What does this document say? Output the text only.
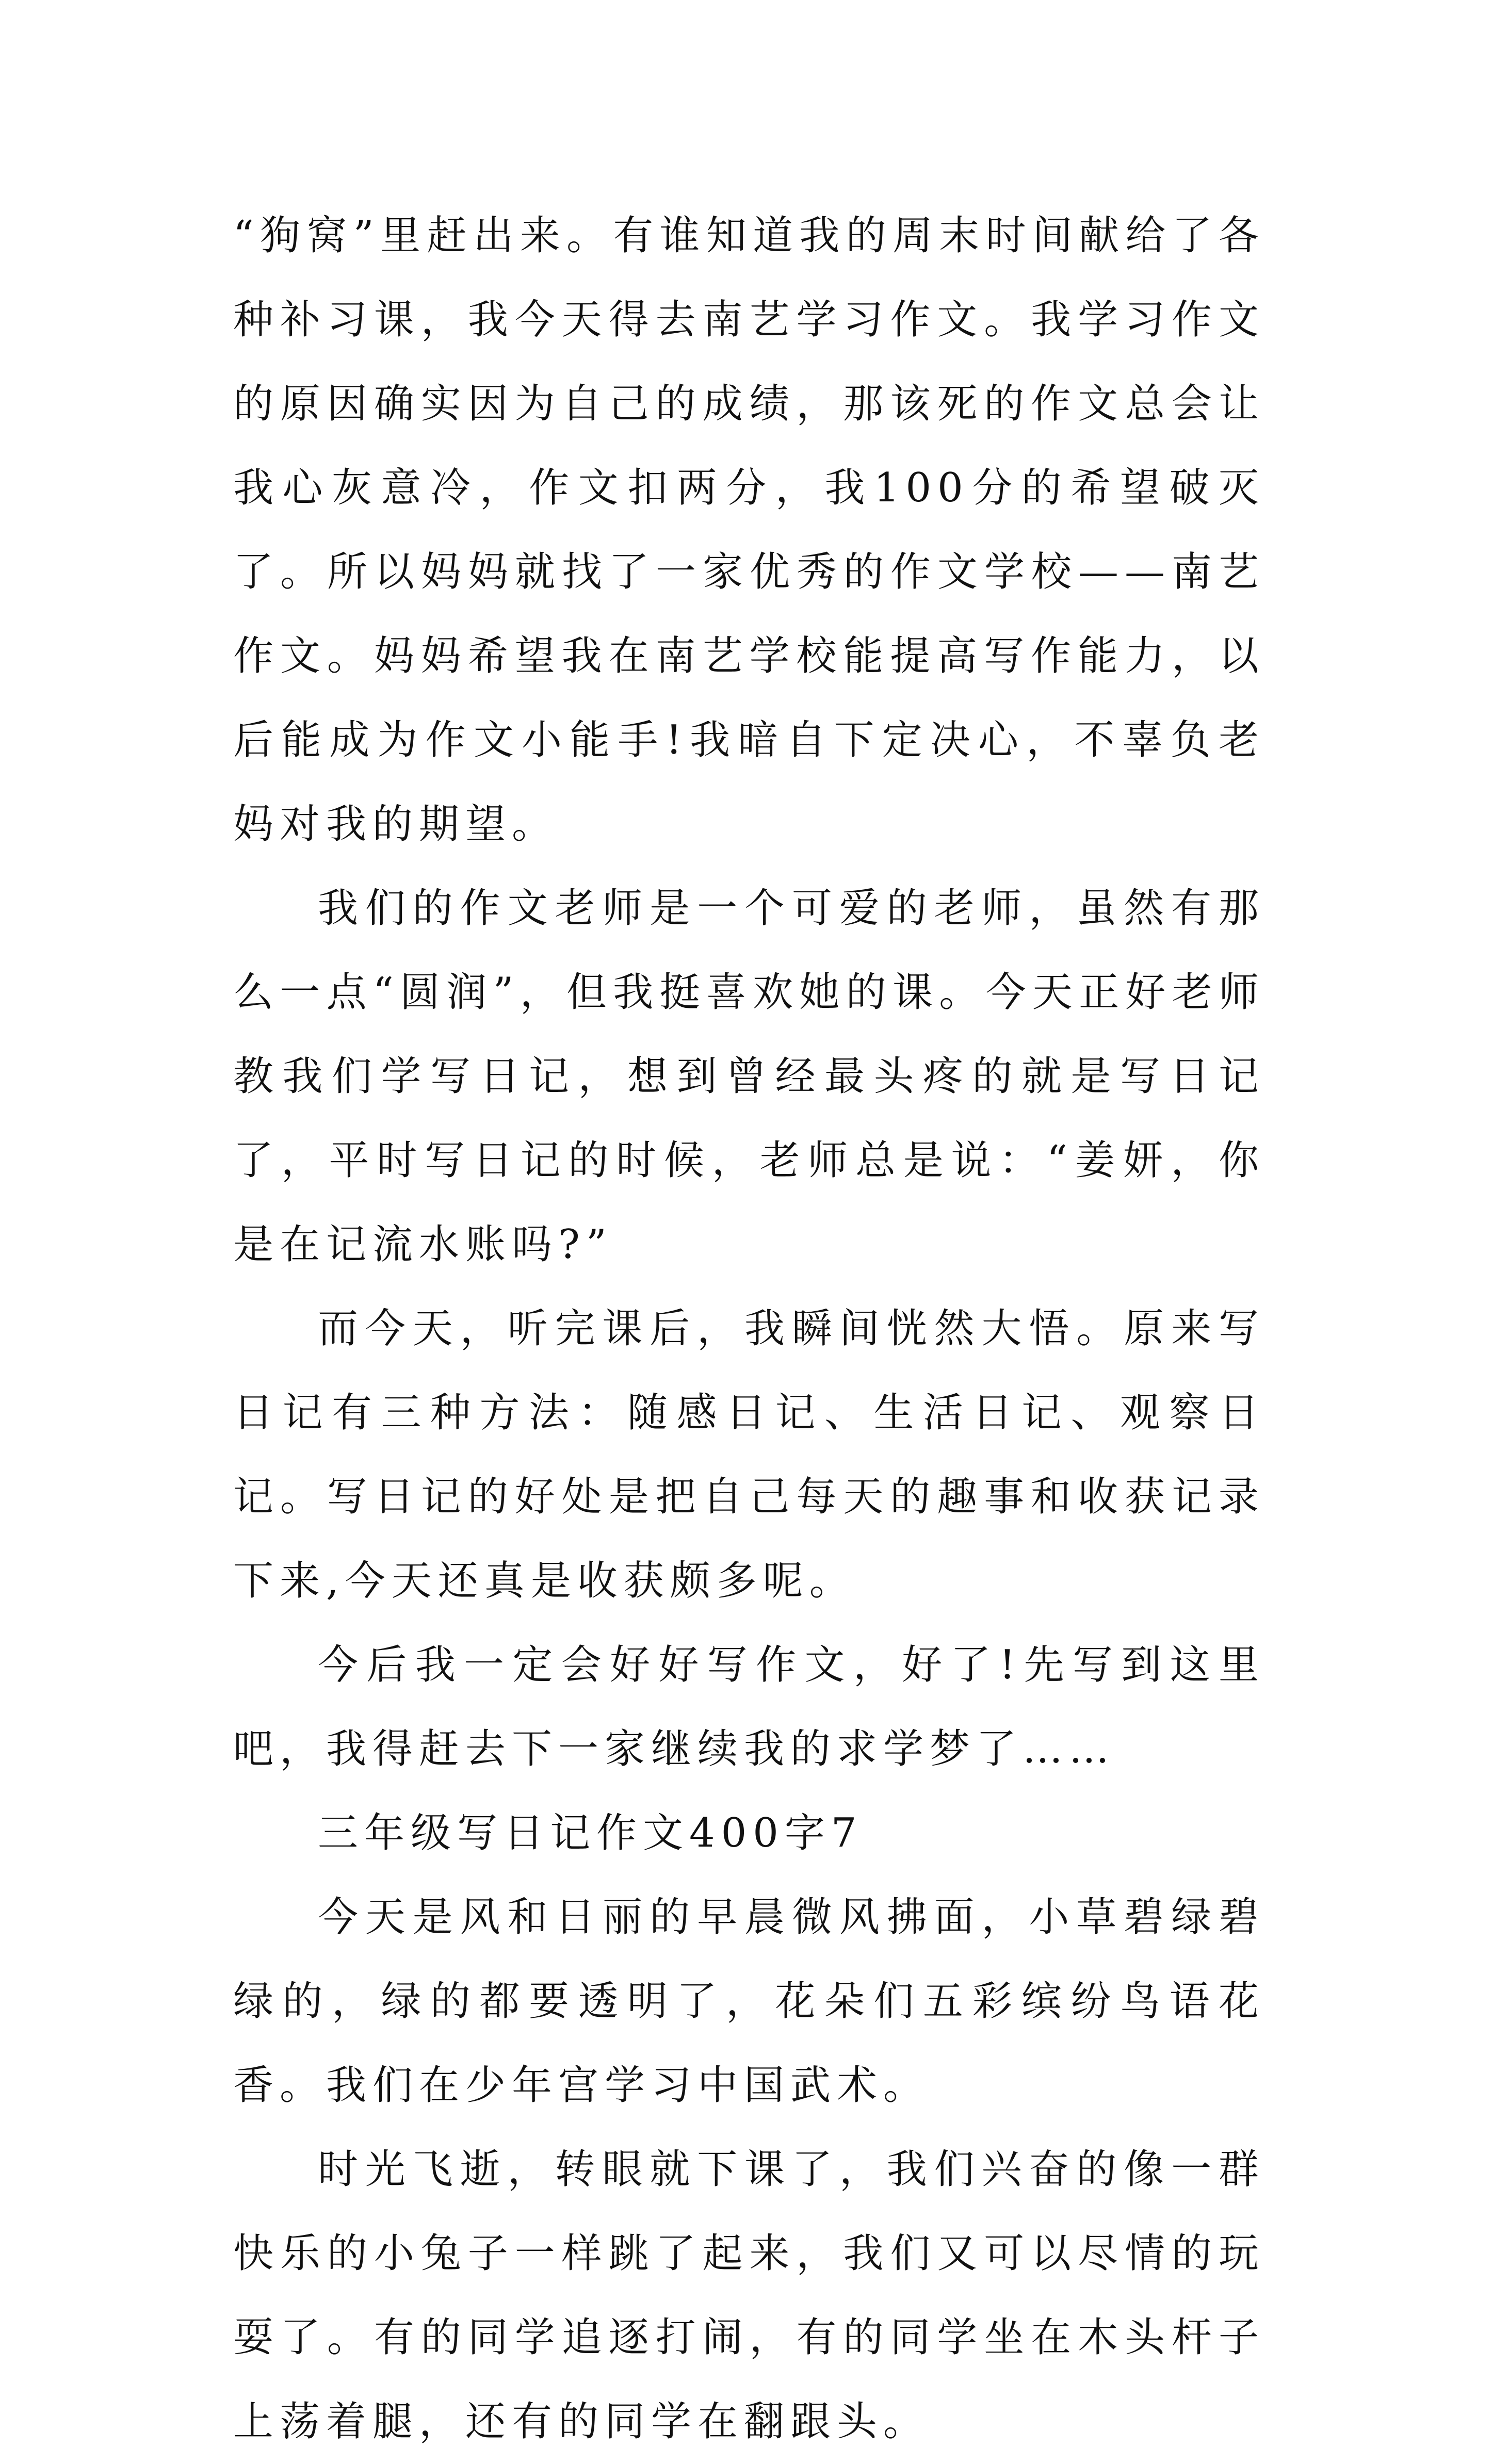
“狗窝”里赶出来。有谁知道我的周末时间献给了各种补习课，我今天得去南艺学习作文。我学习作文的原因确实因为自己的成绩，那该死的作文总会让我心灰意冷，作文扣两分，我100分的希望破灭了。所以妈妈就找了一家优秀的作文学校——南艺作文。妈妈希望我在南艺学校能提高写作能力，以后能成为作文小能手!我暗自下定决心，不辜负老妈对我的期望。

我们的作文老师是一个可爱的老师，虽然有那么一点“圆润”，但我挺喜欢她的课。今天正好老师教我们学写日记，想到曾经最头疼的就是写日记了，平时写日记的时候，老师总是说：“姜妍，你是在记流水账吗?”

而今天，听完课后，我瞬间恍然大悟。原来写日记有三种方法：随感日记、生活日记、观察日记。写日记的好处是把自己每天的趣事和收获记录下来,今天还真是收获颇多呢。

今后我一定会好好写作文，好了!先写到这里吧，我得赶去下一家继续我的求学梦了……

三年级写日记作文400字7

今天是风和日丽的早晨微风拂面，小草碧绿碧绿的，绿的都要透明了，花朵们五彩缤纷鸟语花香。我们在少年宫学习中国武术。

时光飞逝，转眼就下课了，我们兴奋的像一群快乐的小兔子一样跳了起来，我们又可以尽情的玩耍了。有的同学追逐打闹，有的同学坐在木头杆子上荡着腿，还有的同学在翻跟头。
